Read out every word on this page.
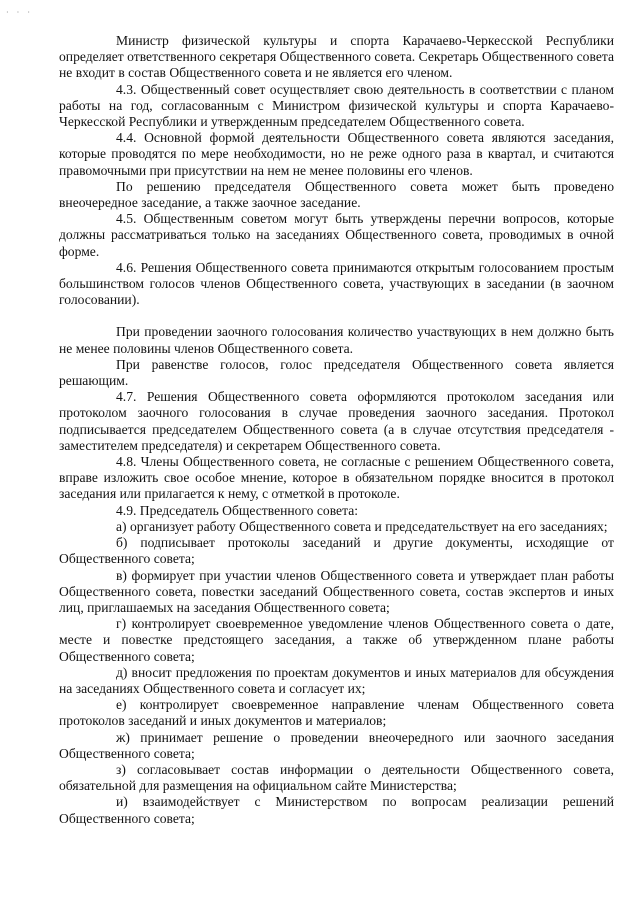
· · ·

Министр физической культуры и спорта Карачаево-Черкесской Республики определяет ответственного секретаря Общественного совета. Секретарь Общественного совета не входит в состав Общественного совета и не является его членом.

4.3. Общественный совет осуществляет свою деятельность в соответствии с планом работы на год, согласованным с Министром физической культуры и спорта Карачаево-Черкесской Республики и утвержденным председателем Общественного совета.

4.4. Основной формой деятельности Общественного совета являются заседания, которые проводятся по мере необходимости, но не реже одного раза в квартал, и считаются правомочными при присутствии на нем не менее половины его членов.

По решению председателя Общественного совета может быть проведено внеочередное заседание, а также заочное заседание.

4.5. Общественным советом могут быть утверждены перечни вопросов, которые должны рассматриваться только на заседаниях Общественного совета, проводимых в очной форме.

4.6. Решения Общественного совета принимаются открытым голосованием простым большинством голосов членов Общественного совета, участвующих в заседании (в заочном голосовании).

При проведении заочного голосования количество участвующих в нем должно быть не менее половины членов Общественного совета.

При равенстве голосов, голос председателя Общественного совета является решающим.

4.7. Решения Общественного совета оформляются протоколом заседания или протоколом заочного голосования в случае проведения заочного заседания. Протокол подписывается председателем Общественного совета (а в случае отсутствия председателя - заместителем председателя) и секретарем Общественного совета.

4.8. Члены Общественного совета, не согласные с решением Общественного совета, вправе изложить свое особое мнение, которое в обязательном порядке вносится в протокол заседания или прилагается к нему, с отметкой в протоколе.

4.9. Председатель Общественного совета:

а) организует работу Общественного совета и председательствует на его заседаниях;

б) подписывает протоколы заседаний и другие документы, исходящие от Общественного совета;

в) формирует при участии членов Общественного совета и утверждает план работы Общественного совета, повестки заседаний Общественного совета, состав экспертов и иных лиц, приглашаемых на заседания Общественного совета;

г) контролирует своевременное уведомление членов Общественного совета о дате, месте и повестке предстоящего заседания, а также об утвержденном плане работы Общественного совета;

д) вносит предложения по проектам документов и иных материалов для обсуждения на заседаниях Общественного совета и согласует их;

е) контролирует своевременное направление членам Общественного совета протоколов заседаний и иных документов и материалов;

ж) принимает решение о проведении внеочередного или заочного заседания Общественного совета;

з) согласовывает состав информации о деятельности Общественного совета, обязательной для размещения на официальном сайте Министерства;

и) взаимодействует с Министерством по вопросам реализации решений Общественного совета;
